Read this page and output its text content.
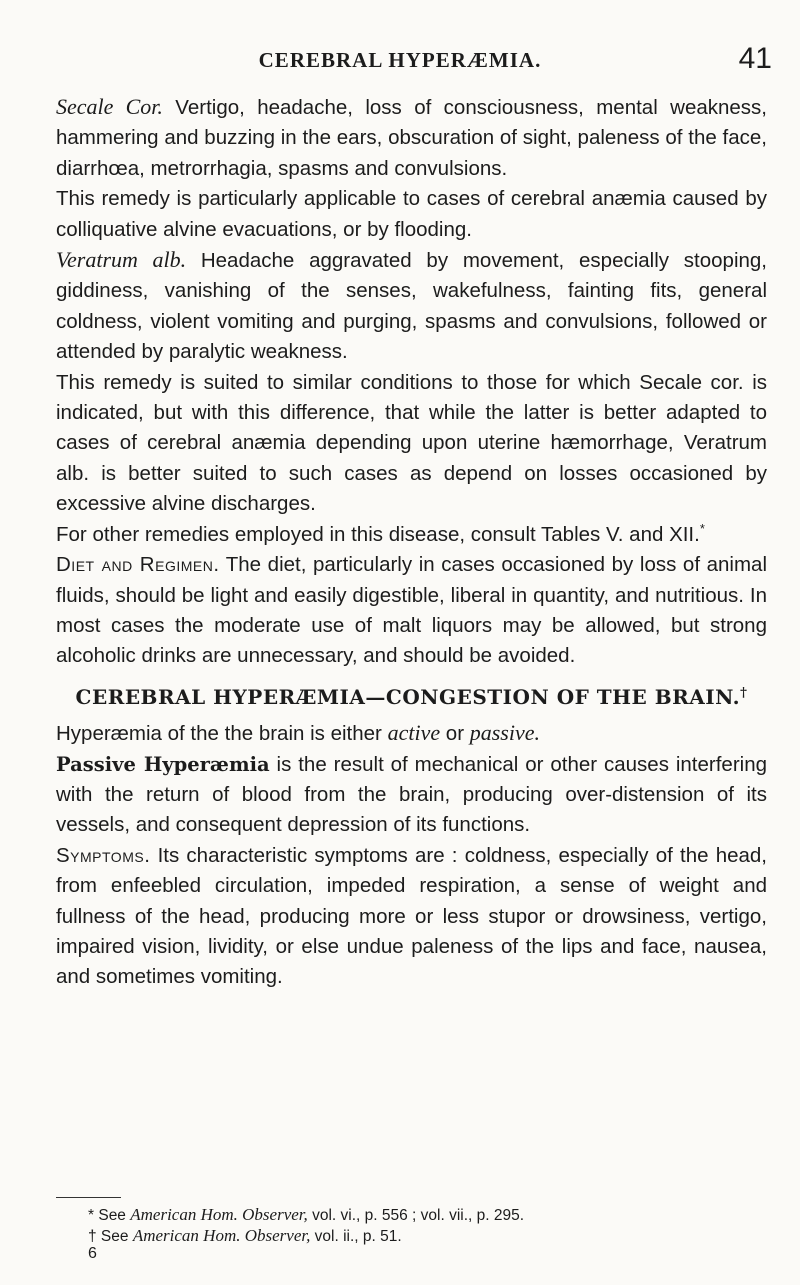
CEREBRAL HYPERÆMIA.	41

Secale Cor. Vertigo, headache, loss of consciousness, mental weakness, hammering and buzzing in the ears, obscuration of sight, paleness of the face, diarrhœa, metrorrhagia, spasms and convulsions.

This remedy is particularly applicable to cases of cerebral anæmia caused by colliquative alvine evacuations, or by flooding.

Veratrum alb. Headache aggravated by movement, especially stooping, giddiness, vanishing of the senses, wakefulness, fainting fits, general coldness, violent vomiting and purging, spasms and convulsions, followed or attended by paralytic weakness.

This remedy is suited to similar conditions to those for which Secale cor. is indicated, but with this difference, that while the latter is better adapted to cases of cerebral anæmia depending upon uterine hæmorrhage, Veratrum alb. is better suited to such cases as depend on losses occasioned by excessive alvine discharges.

For other remedies employed in this disease, consult Tables V. and XII.*

Diet and Regimen. The diet, particularly in cases occasioned by loss of animal fluids, should be light and easily digestible, liberal in quantity, and nutritious. In most cases the moderate use of malt liquors may be allowed, but strong alcoholic drinks are unnecessary, and should be avoided.

CEREBRAL HYPERÆMIA—CONGESTION OF THE BRAIN.†

Hyperæmia of the the brain is either active or passive.

Passive Hyperæmia is the result of mechanical or other causes interfering with the return of blood from the brain, producing over-distension of its vessels, and consequent depression of its functions.

Symptoms. Its characteristic symptoms are : coldness, especially of the head, from enfeebled circulation, impeded respiration, a sense of weight and fullness of the head, producing more or less stupor or drowsiness, vertigo, impaired vision, lividity, or else undue paleness of the lips and face, nausea, and sometimes vomiting.

* See American Hom. Observer, vol. vi., p. 556 ; vol. vii., p. 295.
† See American Hom. Observer, vol. ii., p. 51.
6
